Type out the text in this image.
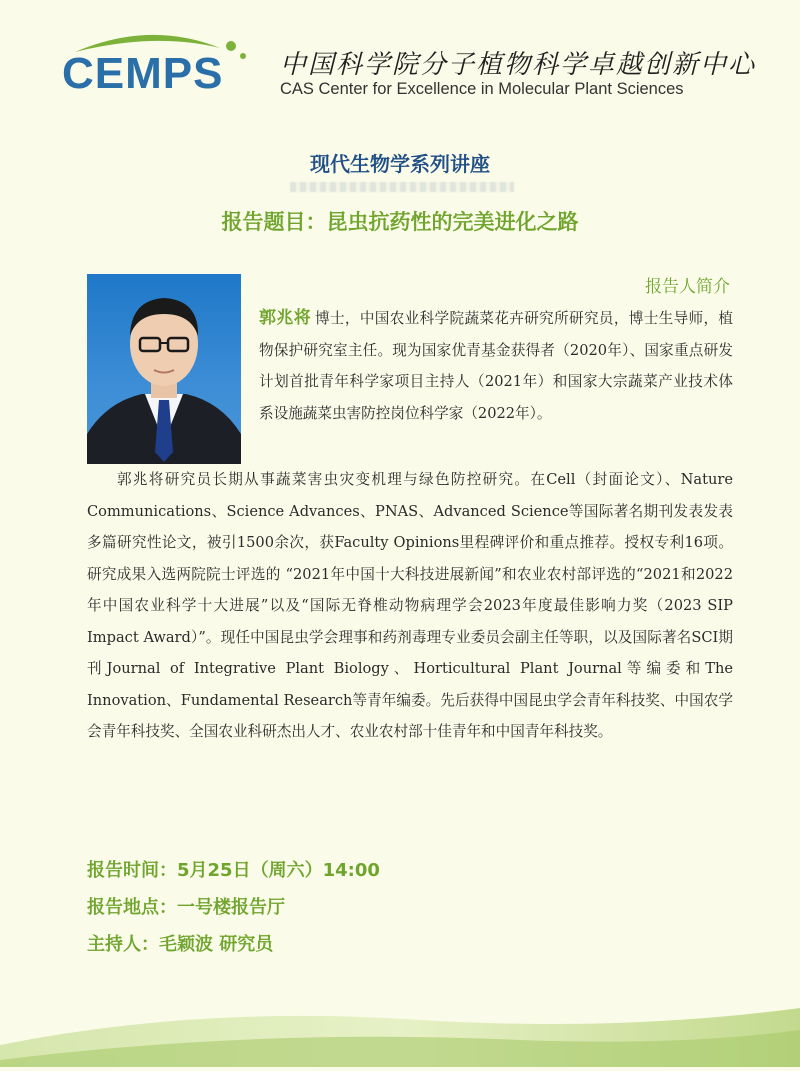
CEMPS 中国科学院分子植物科学卓越创新中心
CAS Center for Excellence in Molecular Plant Sciences
现代生物学系列讲座
报告题目：昆虫抗药性的完美进化之路
报告人简介
郭兆将 博士，中国农业科学院蔬菜花卉研究所研究员，博士生导师，植物保护研究室主任。现为国家优青基金获得者（2020年）、国家重点研发计划首批青年科学家项目主持人（2021年）和国家大宗蔬菜产业技术体系设施蔬菜虫害防控岗位科学家（2022年）。
郭兆将研究员长期从事蔬菜害虫灾变机理与绿色防控研究。在Cell（封面论文）、Nature Communications、Science Advances、PNAS、Advanced Science等国际著名期刊发表发表多篇研究性论文，被引1500余次，获Faculty Opinions里程碑评价和重点推荐。授权专利16项。研究成果入选两院院士评选的 “2021年中国十大科技进展新闻”和农业农村部评选的“2021和2022年中国农业科学十大进展”以及“国际无脊椎动物病理学会2023年度最佳影响力奖（2023 SIP Impact Award）”。现任中国昆虫学会理事和药剂毒理专业委员会副主任等职，以及国际著名SCI期刊Journal of Integrative Plant Biology、Horticultural Plant Journal等编委和The Innovation、Fundamental Research等青年编委。先后获得中国昆虫学会青年科技奖、中国农学会青年科技奖、全国农业科研杰出人才、农业农村部十佳青年和中国青年科技奖。
报告时间：5月25日（周六）14:00
报告地点：一号楼报告厅
主持人：毛颖波 研究员
